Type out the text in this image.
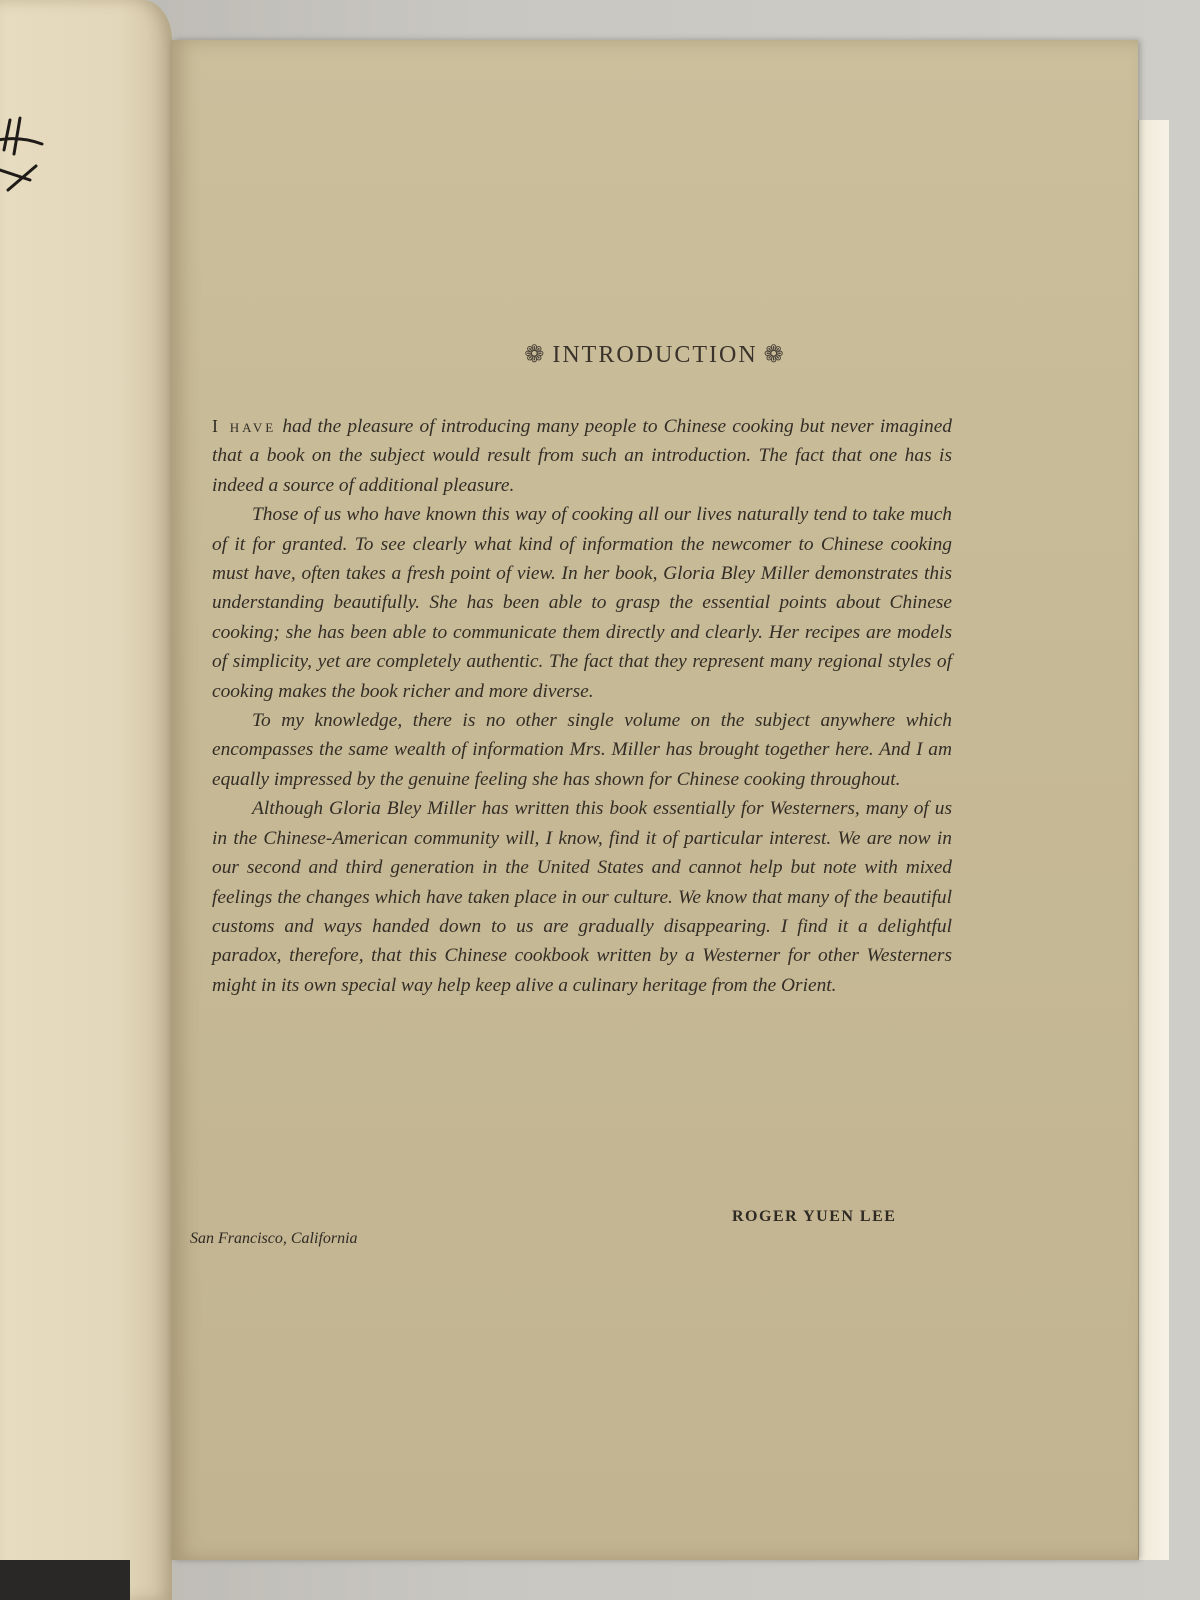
❁ INTRODUCTION ❁

I have had the pleasure of introducing many people to Chinese cooking but never imagined that a book on the subject would result from such an introduction. The fact that one has is indeed a source of additional pleasure.

Those of us who have known this way of cooking all our lives naturally tend to take much of it for granted. To see clearly what kind of information the newcomer to Chinese cooking must have, often takes a fresh point of view. In her book, Gloria Bley Miller demonstrates this understanding beautifully. She has been able to grasp the essential points about Chinese cooking; she has been able to communicate them directly and clearly. Her recipes are models of simplicity, yet are completely authentic. The fact that they represent many regional styles of cooking makes the book richer and more diverse.

To my knowledge, there is no other single volume on the subject anywhere which encompasses the same wealth of information Mrs. Miller has brought together here. And I am equally impressed by the genuine feeling she has shown for Chinese cooking throughout.

Although Gloria Bley Miller has written this book essentially for Westerners, many of us in the Chinese-American community will, I know, find it of particular interest. We are now in our second and third generation in the United States and cannot help but note with mixed feelings the changes which have taken place in our culture. We know that many of the beautiful customs and ways handed down to us are gradually disappearing. I find it a delightful paradox, therefore, that this Chinese cookbook written by a Westerner for other Westerners might in its own special way help keep alive a culinary heritage from the Orient.

ROGER YUEN LEE
San Francisco, California
